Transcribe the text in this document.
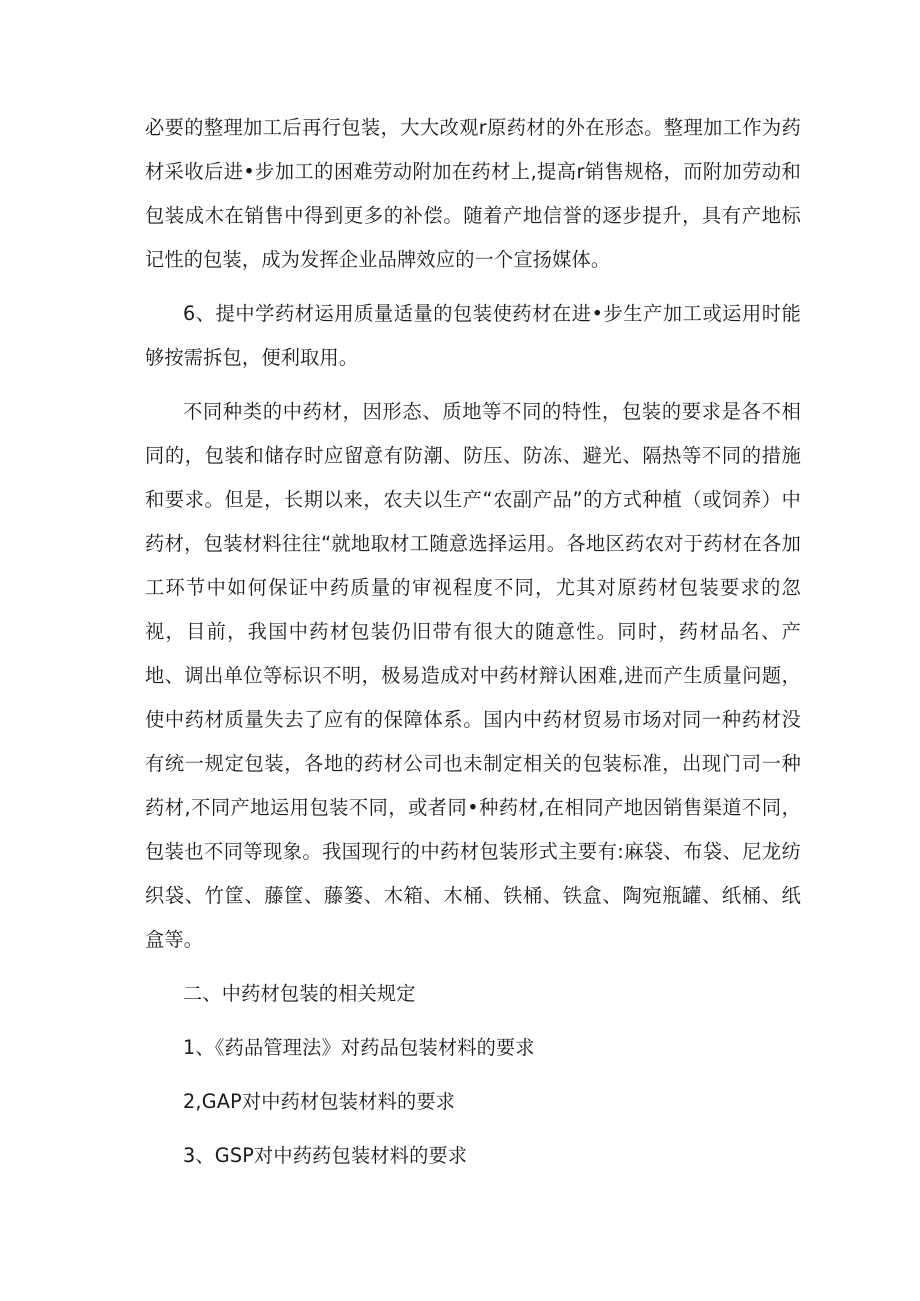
必要的整理加工后再行包装，大大改观r原药材的外在形态。整理加工作为药材采收后进•步加工的困难劳动附加在药材上,提高r销售规格，而附加劳动和包装成木在销售中得到更多的补偿。随着产地信誉的逐步提升，具有产地标记性的包装，成为发挥企业品牌效应的一个宣扬媒体。

6、提中学药材运用质量适量的包装使药材在进•步生产加工或运用时能够按需拆包，便利取用。

不同种类的中药材，因形态、质地等不同的特性，包装的要求是各不相同的，包装和储存时应留意有防潮、防压、防冻、避光、隔热等不同的措施和要求。但是，长期以来，农夫以生产“农副产品”的方式种植（或饲养）中药材，包装材料往往“就地取材工随意选择运用。各地区药农对于药材在各加工环节中如何保证中药质量的审视程度不同，尤其对原药材包装要求的忽视，目前，我国中药材包装仍旧带有很大的随意性。同时，药材品名、产地、调出单位等标识不明，极易造成对中药材辩认困难,进而产生质量问题，使中药材质量失去了应有的保障体系。国内中药材贸易市场对同一种药材没有统一规定包装，各地的药材公司也未制定相关的包装标准，出现门司一种药材,不同产地运用包装不同，或者同•种药材,在相同产地因销售渠道不同，包装也不同等现象。我国现行的中药材包装形式主要有:麻袋、布袋、尼龙纺织袋、竹筐、藤筐、藤篓、木箱、木桶、铁桶、铁盒、陶宛瓶罐、纸桶、纸盒等。

二、中药材包装的相关规定
1、《药品管理法》对药品包装材料的要求
2,GAP对中药材包装材料的要求
3、GSP对中药药包装材料的要求
